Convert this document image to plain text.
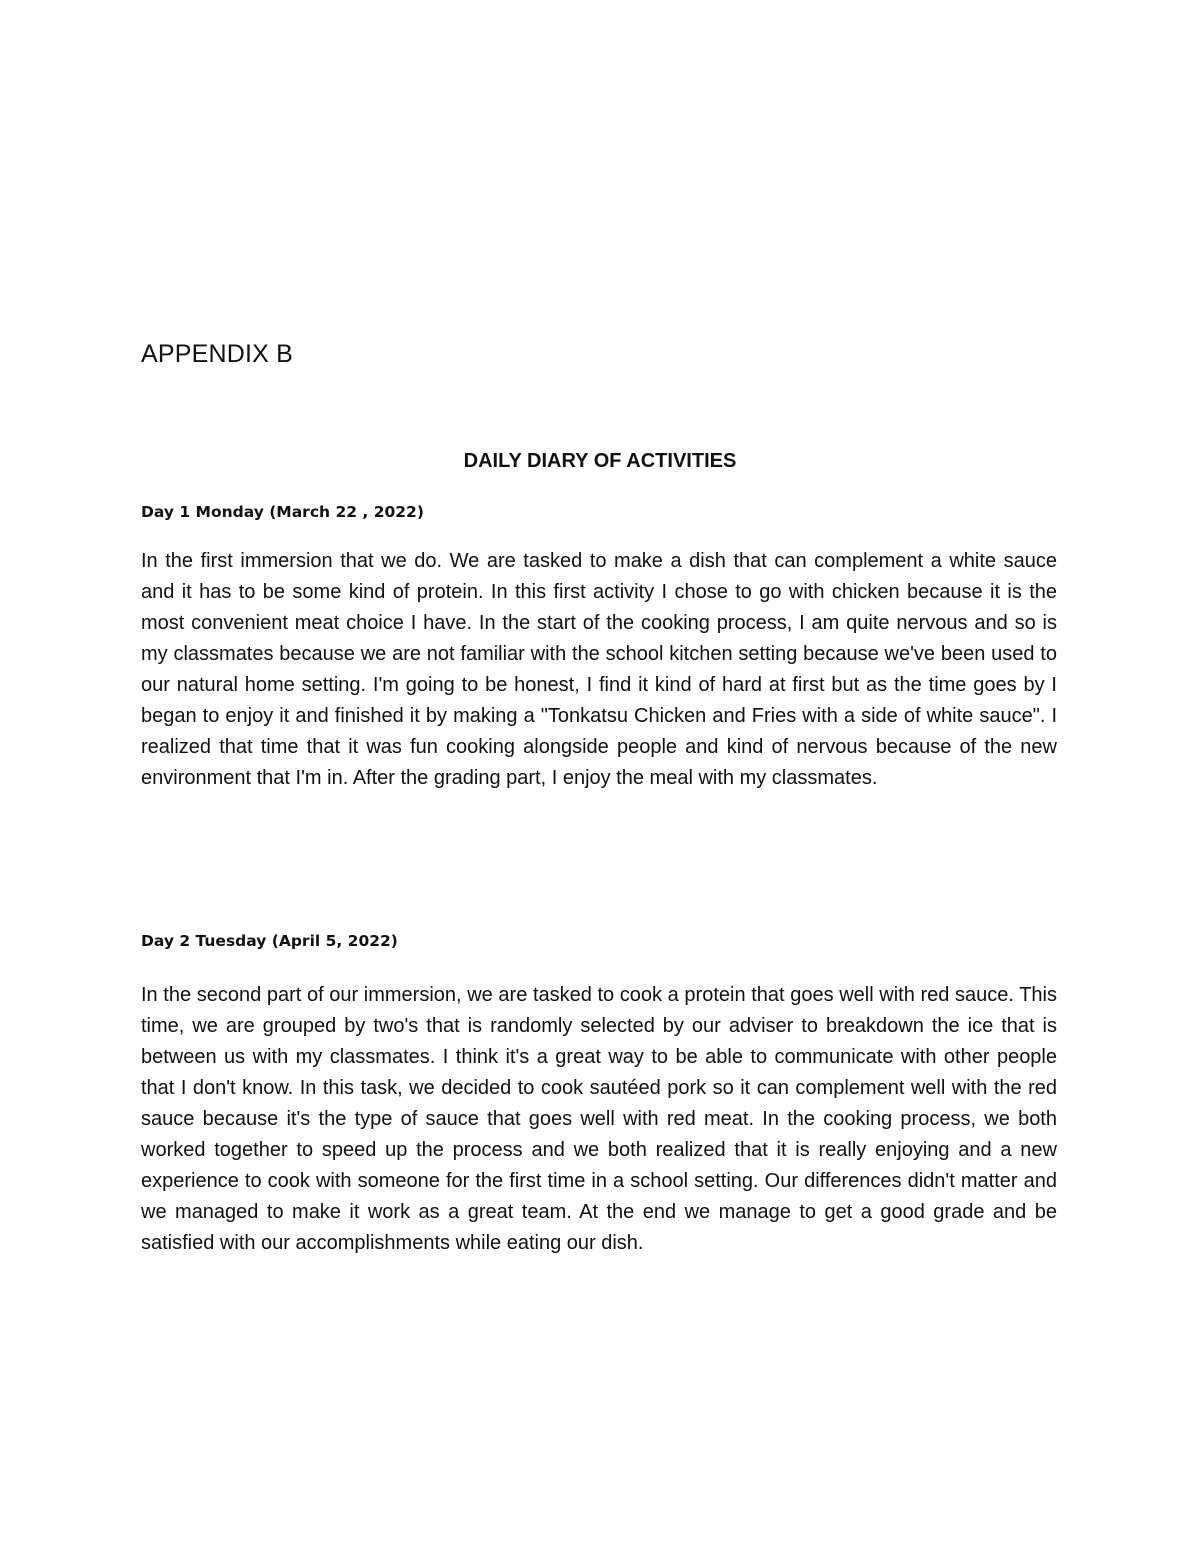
APPENDIX B
DAILY DIARY OF ACTIVITIES
Day 1 Monday (March 22 , 2022)

In the first immersion that we do. We are tasked to make a dish that can complement a white sauce and it has to be some kind of protein. In this first activity I chose to go with chicken because it is the most convenient meat choice I have. In the start of the cooking process, I am quite nervous and so is my classmates because we are not familiar with the school kitchen setting because we've been used to our natural home setting. I'm going to be honest, I find it kind of hard at first but as the time goes by I began to enjoy it and finished it by making a "Tonkatsu Chicken and Fries with a side of white sauce". I realized that time that it was fun cooking alongside people and kind of nervous because of the new environment that I'm in. After the grading part, I enjoy the meal with my classmates.

Day 2 Tuesday (April 5, 2022)

In the second part of our immersion, we are tasked to cook a protein that goes well with red sauce. This time, we are grouped by two's that is randomly selected by our adviser to breakdown the ice that is between us with my classmates. I think it's a great way to be able to communicate with other people that I don't know. In this task, we decided to cook sautéed pork so it can complement well with the red sauce because it's the type of sauce that goes well with red meat. In the cooking process, we both worked together to speed up the process and we both realized that it is really enjoying and a new experience to cook with someone for the first time in a school setting. Our differences didn't matter and we managed to make it work as a great team. At the end we manage to get a good grade and be satisfied with our accomplishments while eating our dish.
